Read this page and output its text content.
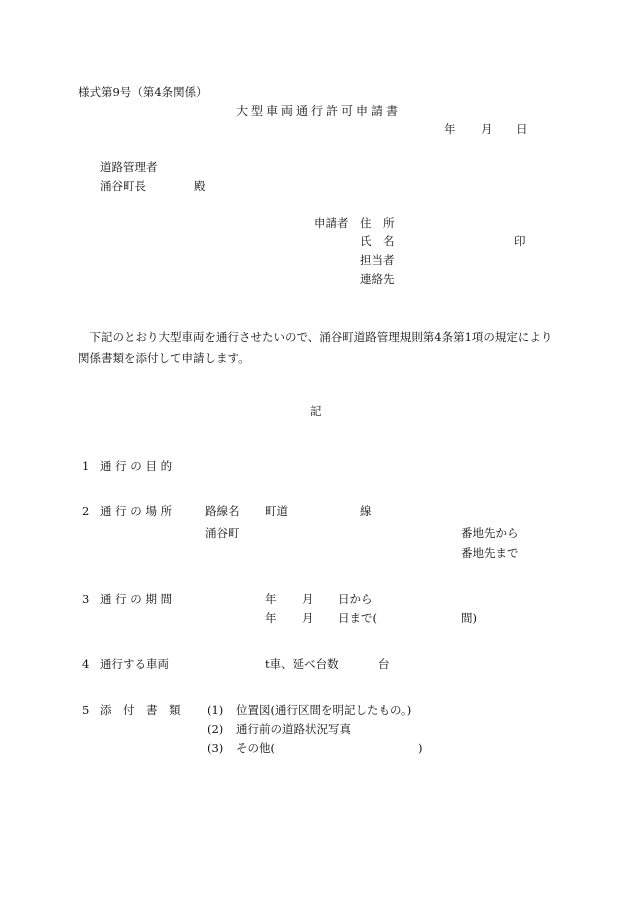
様式第9号（第4条関係）
大型車両通行許可申請書
年 月 日
道路管理者
涌谷町長	殿
申請者 住　所
氏　名	印
担当者
連絡先
　下記のとおり大型車両を通行させたいので、涌谷町道路管理規則第4条第1項の規定により関係書類を添付して申請します。
記
1 通 行 の 目 的
2 通 行 の 場 所	路線名 町道	線
涌谷町	番地先から
番地先まで
3 通 行 の 期 間	年 月 日から
年 月 日まで(	間)
4 通行する車両	t車、延べ台数	台
5 添　付　書　類 (1) 位置図(通行区間を明記したもの。)
(2) 通行前の道路状況写真
(3) その他(	)
